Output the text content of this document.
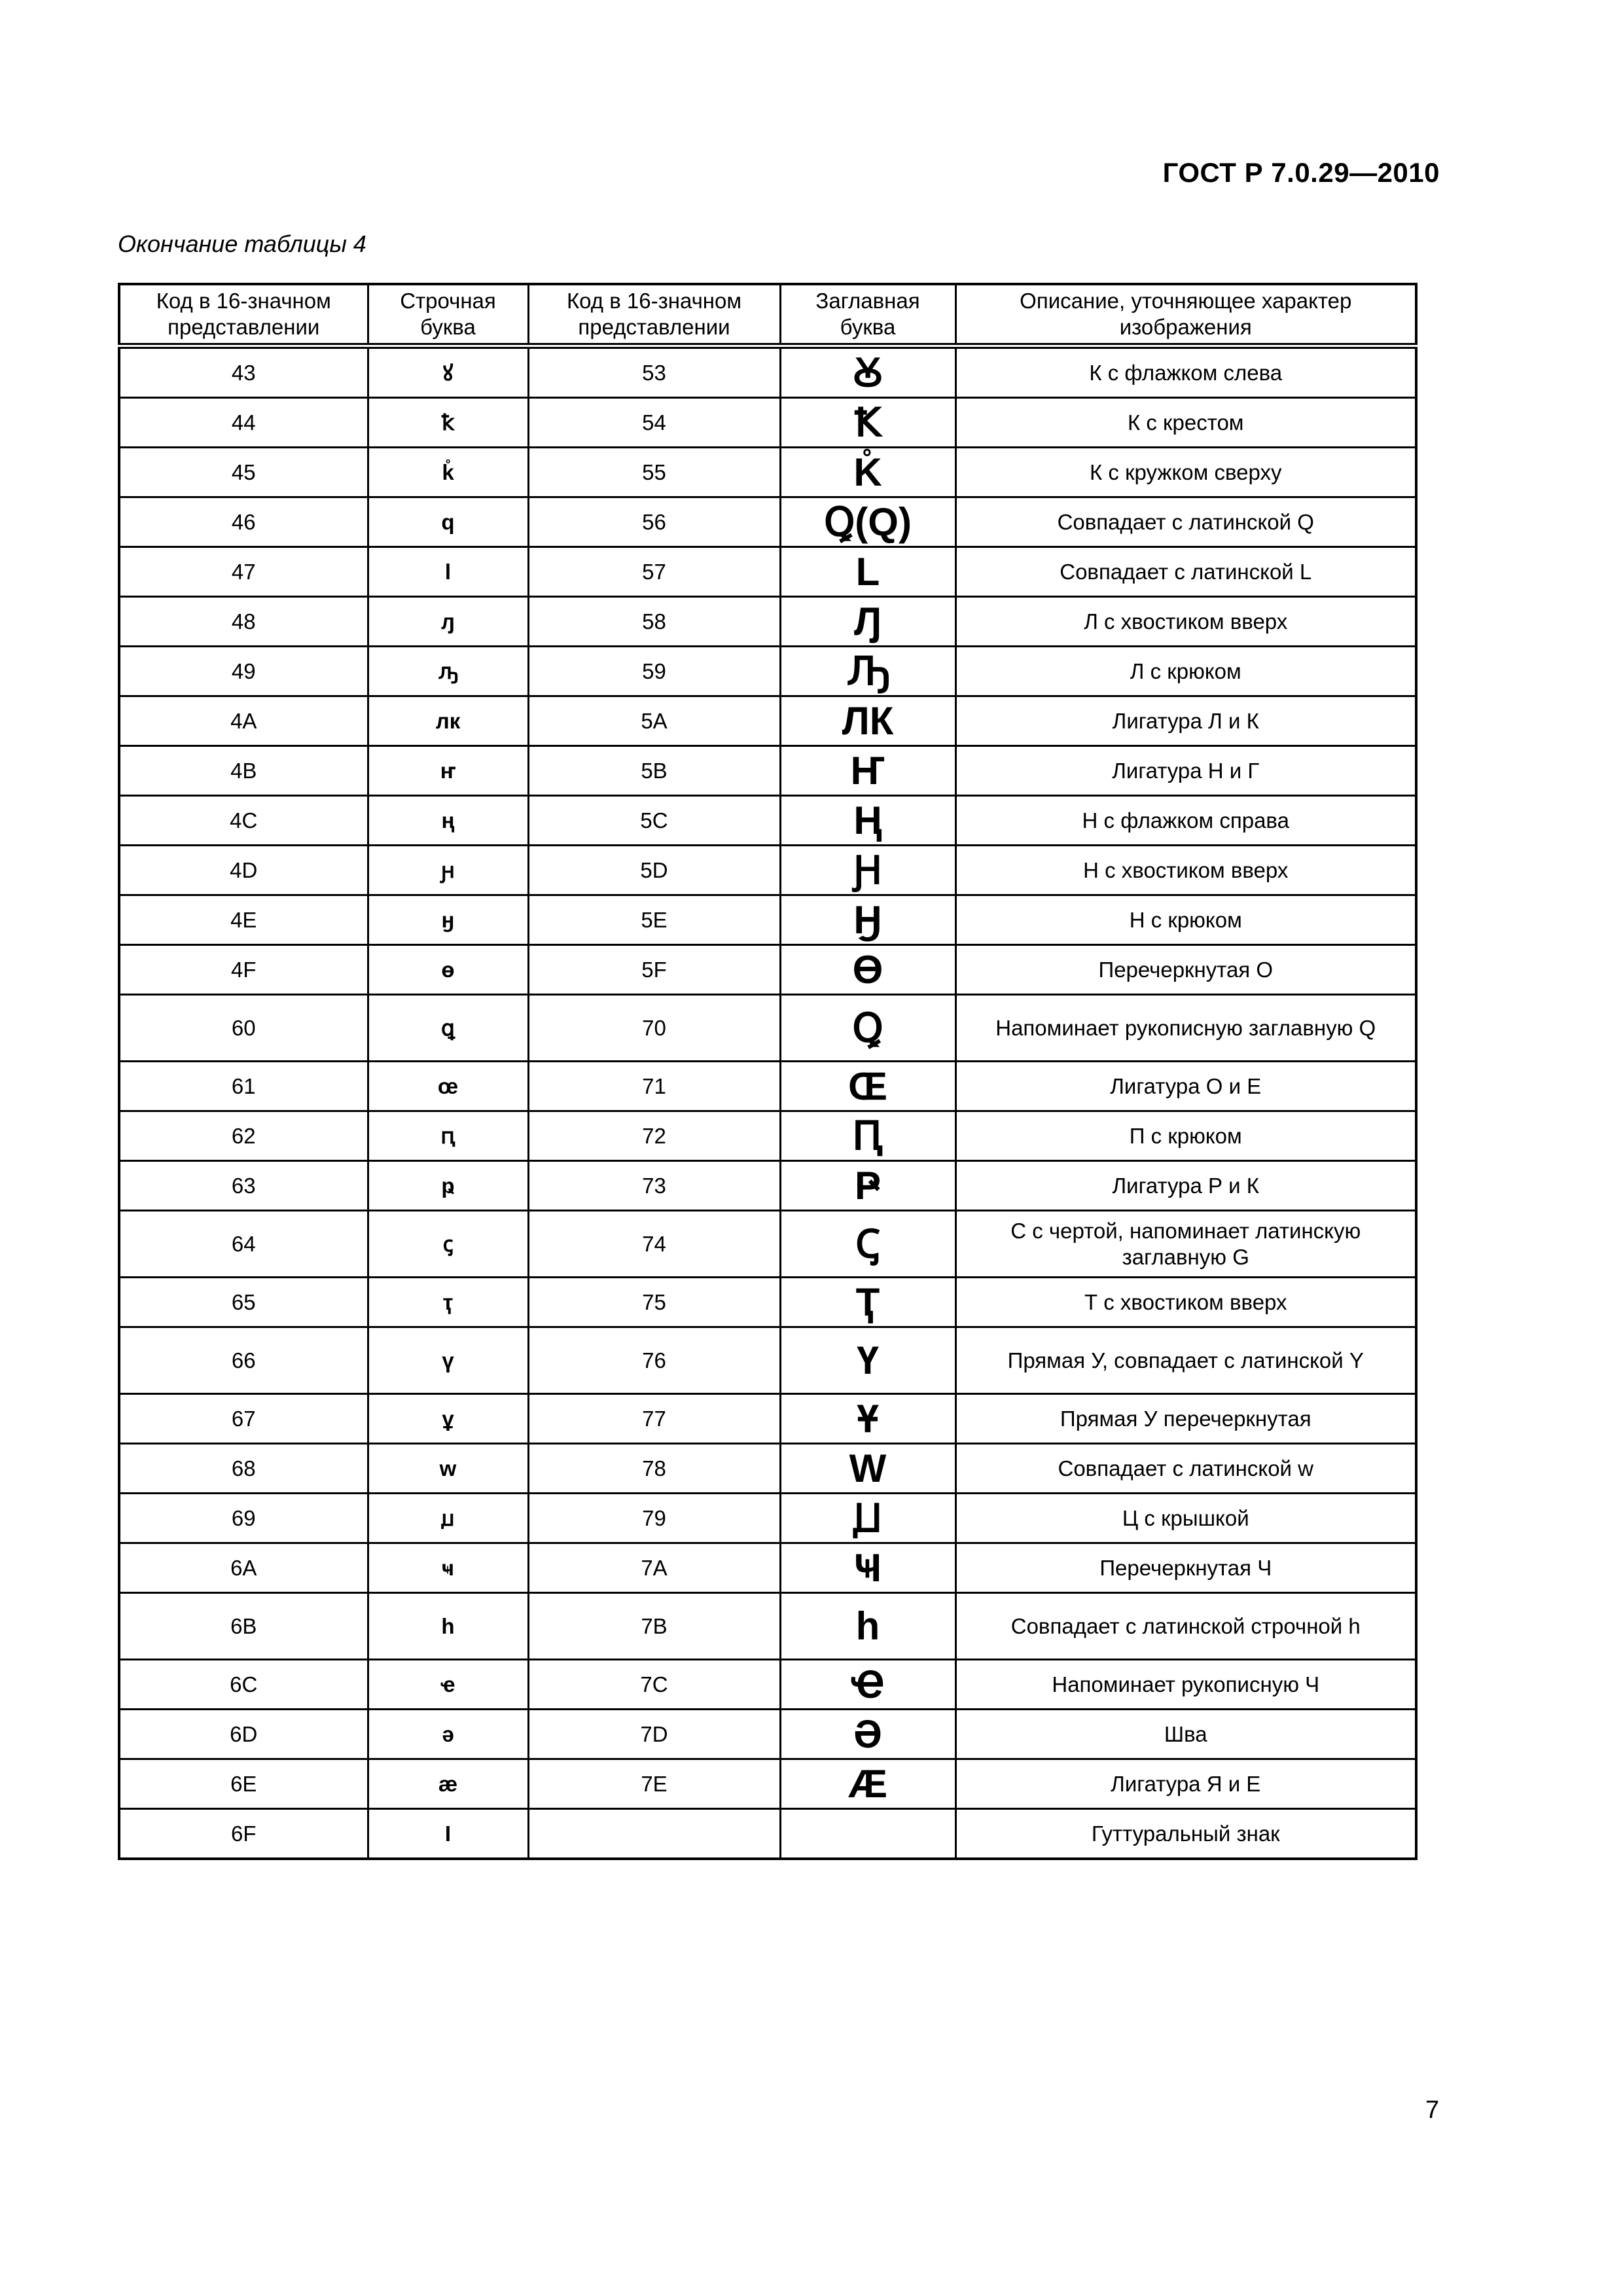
ГОСТ Р 7.0.29—2010
Окончание таблицы 4
Код в 16-значном представлении	Строчная буква	Код в 16-значном представлении	Заглавная буква	Описание, уточняющее характер изображения
43	ꙋ	53	Ꙋ	К с флажком слева
44	ꝁ	54	Ꝁ	К с крестом
45	k̊	55	K̊	К с кружком сверху
46	q	56	Ꝗ(Q)	Совпадает с латинской Q
47	l	57	L	Совпадает с латинской L
48	ԓ	58	Ԓ	Л с хвостиком вверх
49	ԡ	59	Ԡ	Л с крюком
4A	лк	5A	ЛК	Лигатура Л и К
4B	ҥ	5B	Ҥ	Лигатура Н и Г
4C	ң	5C	Ң	Н с флажком справа
4D	ԩ	5D	Ԩ	Н с хвостиком вверх
4E	ӈ	5E	Ӈ	Н с крюком
4F	ө	5F	Ө	Перечеркнутая О
60	ꝗ	70	Ꝗ	Напоминает рукописную заглавную Q
61	œ	71	Œ	Лигатура О и Е
62	ԥ	72	Ԥ	П с крюком
63	ҏ	73	Ҏ	Лигатура Р и К
64	ꞔ	74	Ꞔ	С с чертой, напоминает латинскую заглавную G
65	ҭ	75	Ҭ	Т с хвостиком вверх
66	ү	76	Ү	Прямая У, совпадает с латинской Y
67	ұ	77	Ұ	Прямая У перечеркнутая
68	w	78	W	Совпадает с латинской w
69	ꙡ	79	Ꙡ	Ц с крышкой
6A	ҹ	7A	Ҹ	Перечеркнутая Ч
6B	h	7B	h	Совпадает с латинской строчной h
6C	ҽ	7C	Ҽ	Напоминает рукописную Ч
6D	ә	7D	Ә	Шва
6E	ӕ	7E	Ӕ	Лигатура Я и Е
6F	I			Гуттуральный знак
7
